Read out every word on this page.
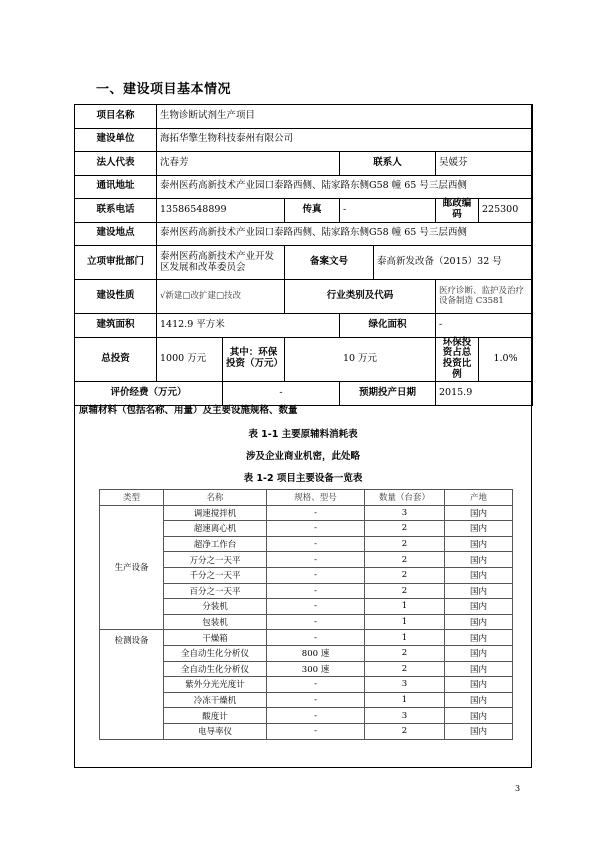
一、建设项目基本情况
项目名称	生物诊断试剂生产项目						
建设单位	海拓华擎生物科技泰州有限公司						
法人代表	沈春芳			联系人		吴媛芬	
通讯地址	泰州医药高新技术产业园口泰路西侧、陆家路东侧G58 幢 65 号三层西侧						
联系电话	13586548899		传真	-		邮政编码	225300
建设地点	泰州医药高新技术产业园口泰路西侧、陆家路东侧G58 幢 65 号三层西侧						
立项审批部门	泰州医药高新技术产业开发区发展和改革委员会		备案文号		泰高新发改备（2015）32 号		
建设性质	√新建□改扩建□技改		行业类别及代码			医疗诊断、监护及治疗设备制造 C3581	
建筑面积	1412.9 平方米			绿化面积		-	
总投资	1000 万元	其中：环保投资（万元）	10 万元			环保投资占总投资比例	1.0%
评价经费（万元）		-		预期投产日期		2015.9	
原辅材料（包括名称、用量）及主要设施规格、数量
表 1-1 主要原辅料消耗表
涉及企业商业机密，此处略
表 1-2 项目主要设备一览表
类型	名称	规格、型号	数量（台套）	产地
生产设备	调速搅拌机	-	3	国内
	超速离心机	-	2	国内
	超净工作台	-	2	国内
	万分之一天平	-	2	国内
	千分之一天平	-	2	国内
	百分之一天平	-	2	国内
	分装机	-	1	国内
	包装机	-	1	国内
检测设备	干燥箱	-	1	国内
	全自动生化分析仪	800 速	2	国内
	全自动生化分析仪	300 速	2	国内
	紫外分光光度计	-	3	国内
	冷冻干燥机	-	1	国内
	酸度计	-	3	国内
	电导率仪	-	2	国内
3
